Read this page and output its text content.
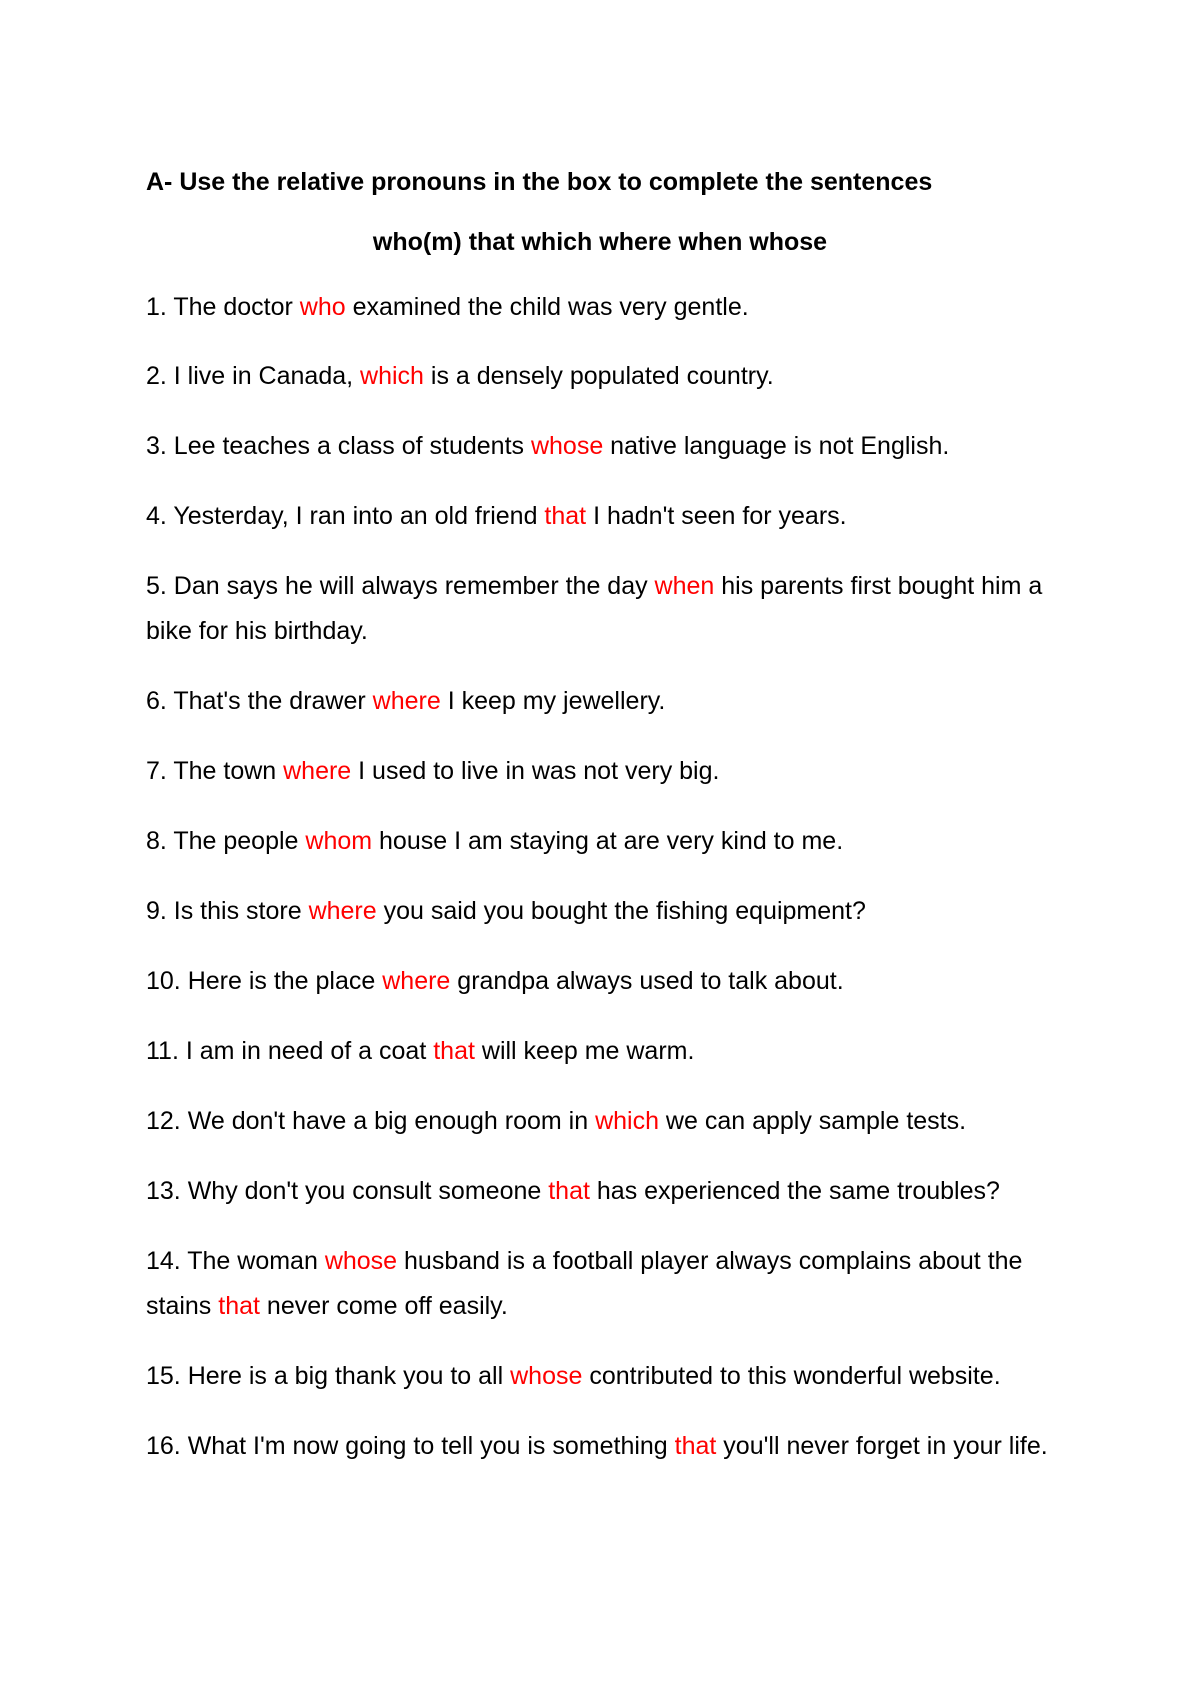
A- Use the relative pronouns in the box to complete the sentences
who(m) that which where when whose
1. The doctor who examined the child was very gentle.
2. I live in Canada, which is a densely populated country.
3. Lee teaches a class of students whose native language is not English.
4. Yesterday, I ran into an old friend that I hadn't seen for years.
5. Dan says he will always remember the day when his parents first bought him a bike for his birthday.
6. That's the drawer where I keep my jewellery.
7. The town where I used to live in was not very big.
8. The people whom house I am staying at are very kind to me.
9. Is this store where you said you bought the fishing equipment?
10. Here is the place where grandpa always used to talk about.
11. I am in need of a coat that will keep me warm.
12. We don't have a big enough room in which we can apply sample tests.
13. Why don't you consult someone that has experienced the same troubles?
14. The woman whose husband is a football player always complains about the stains that never come off easily.
15. Here is a big thank you to all whose contributed to this wonderful website.
16. What I'm now going to tell you is something that you'll never forget in your life.
